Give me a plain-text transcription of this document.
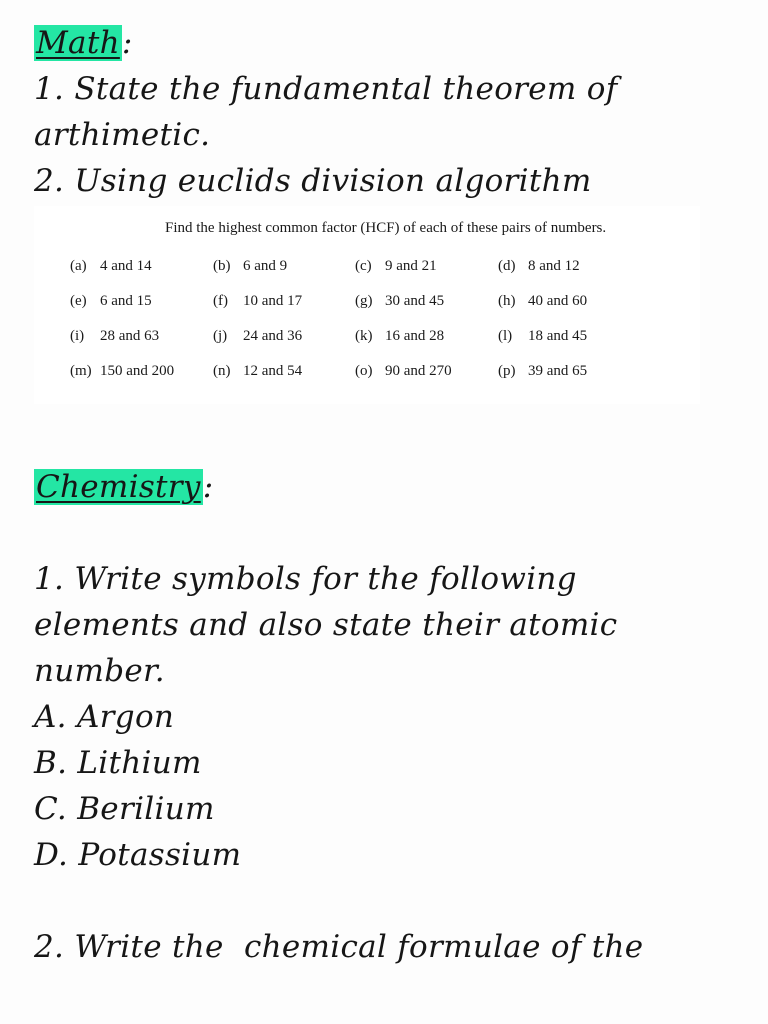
Math:

1. State the fundamental theorem of

arthimetic.

2. Using euclids division algorithm

Find the highest common factor (HCF) of each of these pairs of numbers.
(a) 4 and 14	(b) 6 and 9	(c) 9 and 21	(d) 8 and 12
(e) 6 and 15	(f) 10 and 17	(g) 30 and 45	(h) 40 and 60
(i) 28 and 63	(j) 24 and 36	(k) 16 and 28	(l) 18 and 45
(m) 150 and 200	(n) 12 and 54	(o) 90 and 270	(p) 39 and 65
Chemistry:

1. Write symbols for the following

elements and also state their atomic

number.

A. Argon

B. Lithium

C. Berilium

D. Potassium

2. Write the  chemical formulae of the
